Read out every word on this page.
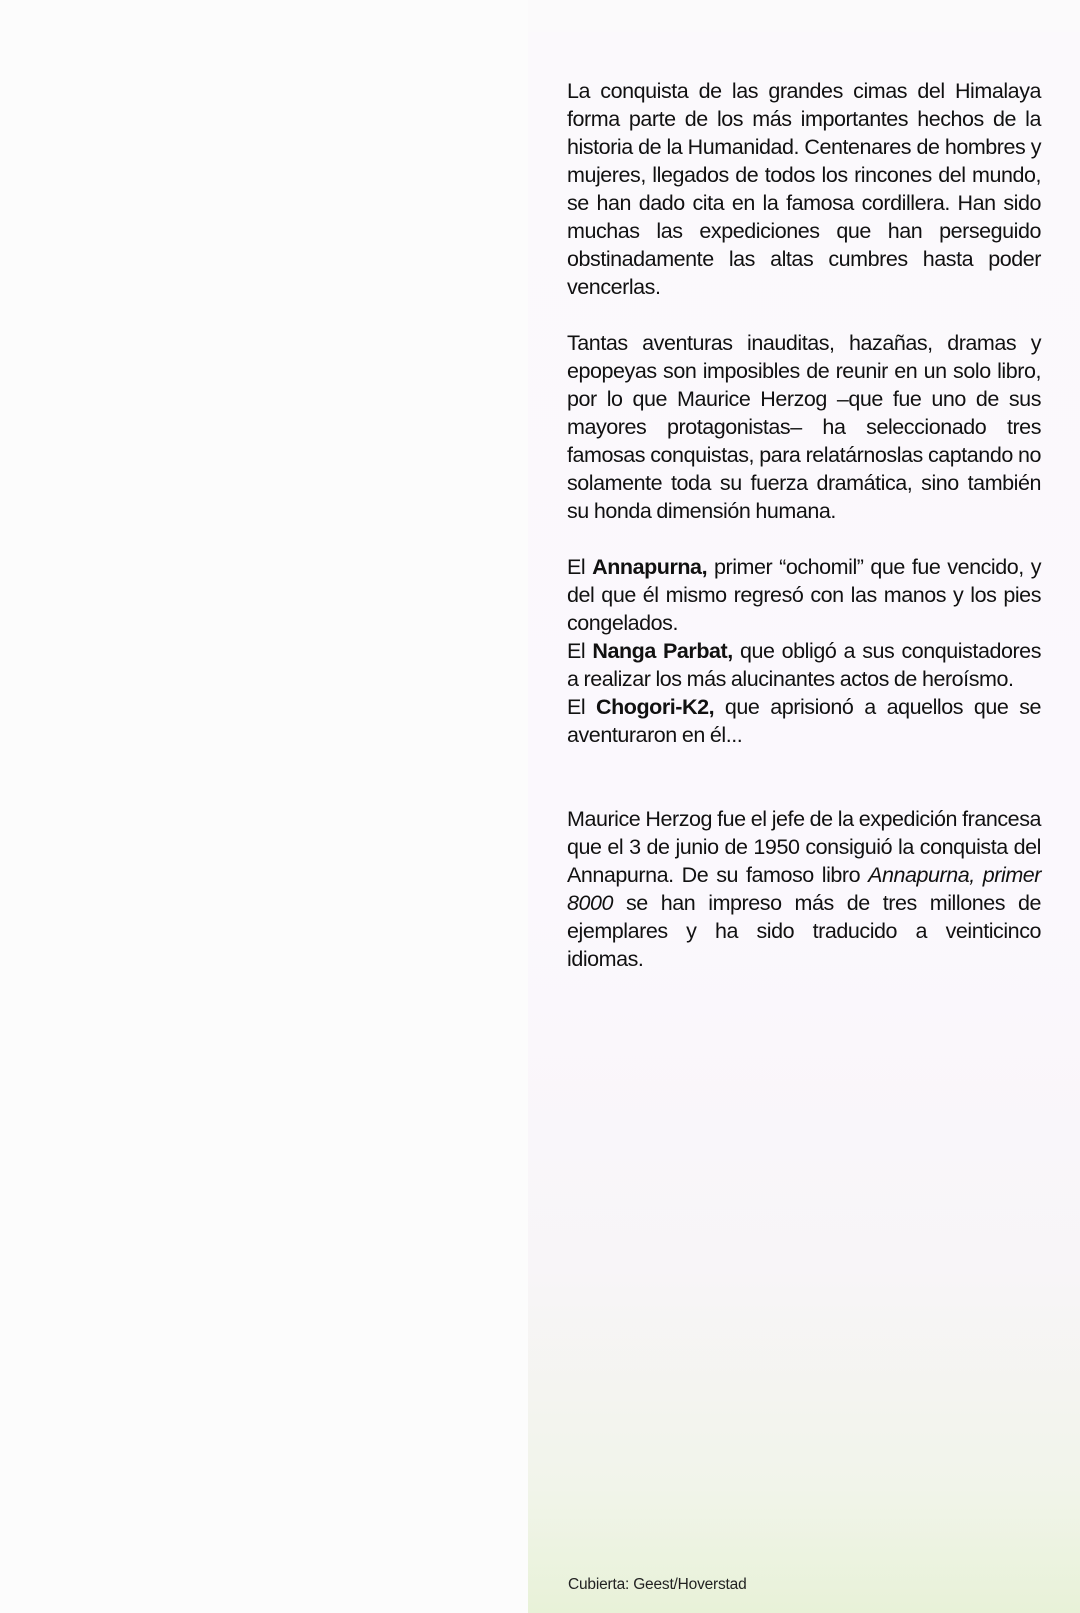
La conquista de las grandes cimas del Himalaya forma parte de los más importantes hechos de la historia de la Humanidad. Centenares de hombres y mujeres, llegados de todos los rincones del mundo, se han dado cita en la famosa cordillera. Han sido muchas las expediciones que han perseguido obstinadamente las altas cumbres hasta poder vencerlas.

Tantas aventuras inauditas, hazañas, dramas y epopeyas son imposibles de reunir en un solo libro, por lo que Maurice Herzog –que fue uno de sus mayores protagonistas– ha seleccionado tres famosas conquistas, para relatárnoslas captando no solamente toda su fuerza dramática, sino también su honda dimensión humana.

El Annapurna, primer “ochomil” que fue vencido, y del que él mismo regresó con las manos y los pies congelados.

El Nanga Parbat, que obligó a sus conquistadores a realizar los más alucinantes actos de heroísmo.

El Chogori-K2, que aprisionó a aquellos que se aventuraron en él...

Maurice Herzog fue el jefe de la expedición francesa que el 3 de junio de 1950 consiguió la conquista del Annapurna. De su famoso libro Annapurna, primer 8000 se han impreso más de tres millones de ejemplares y ha sido traducido a veinticinco idiomas.

Cubierta: Geest/Hoverstad
